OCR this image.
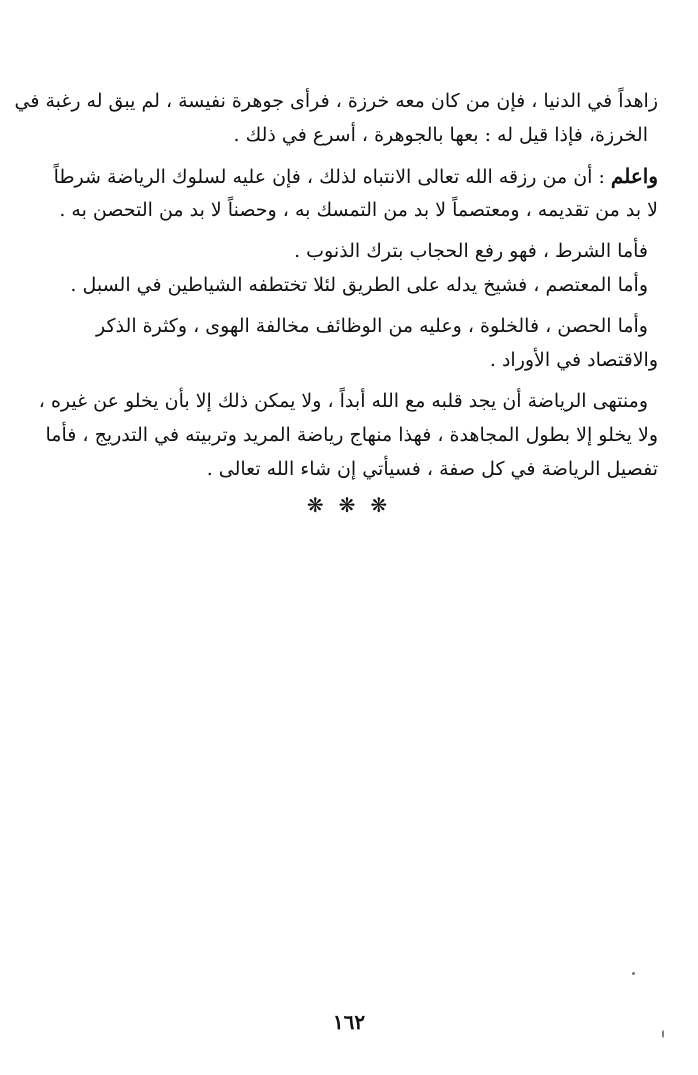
زاهداً في الدنيا ، فإن من كان معه خرزة ، فرأى جوهرة نفيسة ، لم يبق له رغبة في
الخرزة، فإذا قيل له : بعها بالجوهرة ، أسرع في ذلك .
واعلم : أن من رزقه الله تعالى الانتباه لذلك ، فإن عليه لسلوك الرياضة شرطاً
لا بد من تقديمه ، ومعتصماً لا بد من التمسك به ، وحصناً لا بد من التحصن به .
فأما الشرط ، فهو رفع الحجاب بترك الذنوب .
وأما المعتصم ، فشيخ يدله على الطريق لئلا تختطفه الشياطين في السبل .
وأما الحصن ، فالخلوة ، وعليه من الوظائف مخالفة الهوى ، وكثرة الذكر
والاقتصاد في الأوراد .
ومنتهى الرياضة أن يجد قلبه مع الله أبداً ، ولا يمكن ذلك إلا بأن يخلو عن غيره ،
ولا يخلو إلا بطول المجاهدة ، فهذا منهاج رياضة المريد وتربيته في التدريج ، فأما
تفصيل الرياضة في كل صفة ، فسيأتي إن شاء الله تعالى .
❋ ❋ ❋
١٦٢
